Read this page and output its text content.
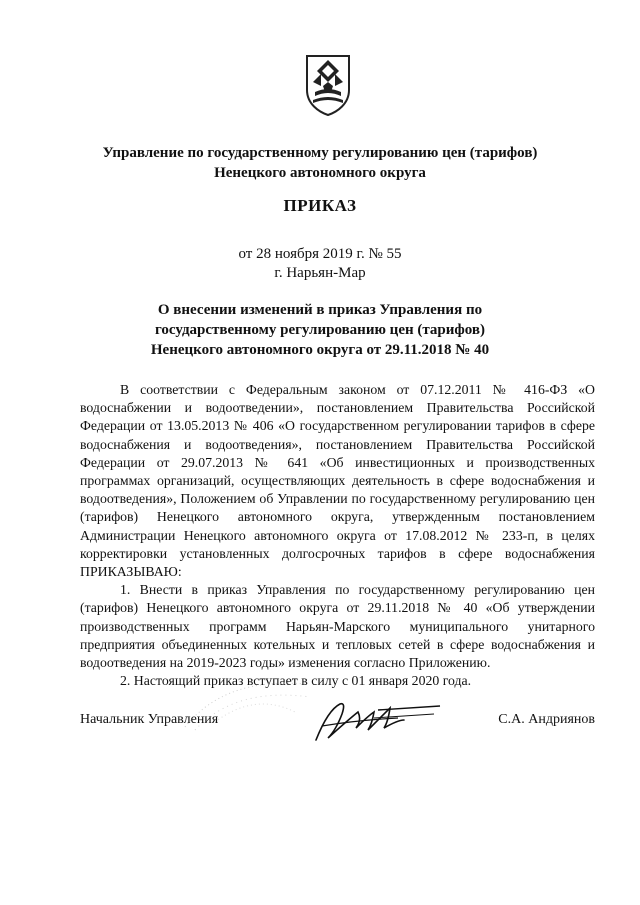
Управление по государственному регулированию цен (тарифов)
Ненецкого автономного округа
ПРИКАЗ
от 28 ноября 2019 г. № 55
г. Нарьян-Мар
О внесении изменений в приказ Управления по
государственному регулированию цен (тарифов)
Ненецкого автономного округа от 29.11.2018 № 40

В соответствии с Федеральным законом от 07.12.2011 № 416-ФЗ «О водоснабжении и водоотведении», постановлением Правительства Российской Федерации от 13.05.2013 № 406 «О государственном регулировании тарифов в сфере водоснабжения и водоотведения», постановлением Правительства Российской Федерации от 29.07.2013 № 641 «Об инвестиционных и производственных программах организаций, осуществляющих деятельность в сфере водоснабжения и водоотведения», Положением об Управлении по государственному регулированию цен (тарифов) Ненецкого автономного округа, утвержденным постановлением Администрации Ненецкого автономного округа от 17.08.2012 № 233-п, в целях корректировки установленных долгосрочных тарифов в сфере водоснабжения ПРИКАЗЫВАЮ:

1. Внести в приказ Управления по государственному регулированию цен (тарифов) Ненецкого автономного округа от 29.11.2018 № 40 «Об утверждении производственных программ Нарьян-Марского муниципального унитарного предприятия объединенных котельных и тепловых сетей в сфере водоснабжения и водоотведения на 2019-2023 годы» изменения согласно Приложению.

2. Настоящий приказ вступает в силу с 01 января 2020 года.

Начальник Управления	С.А. Андриянов
